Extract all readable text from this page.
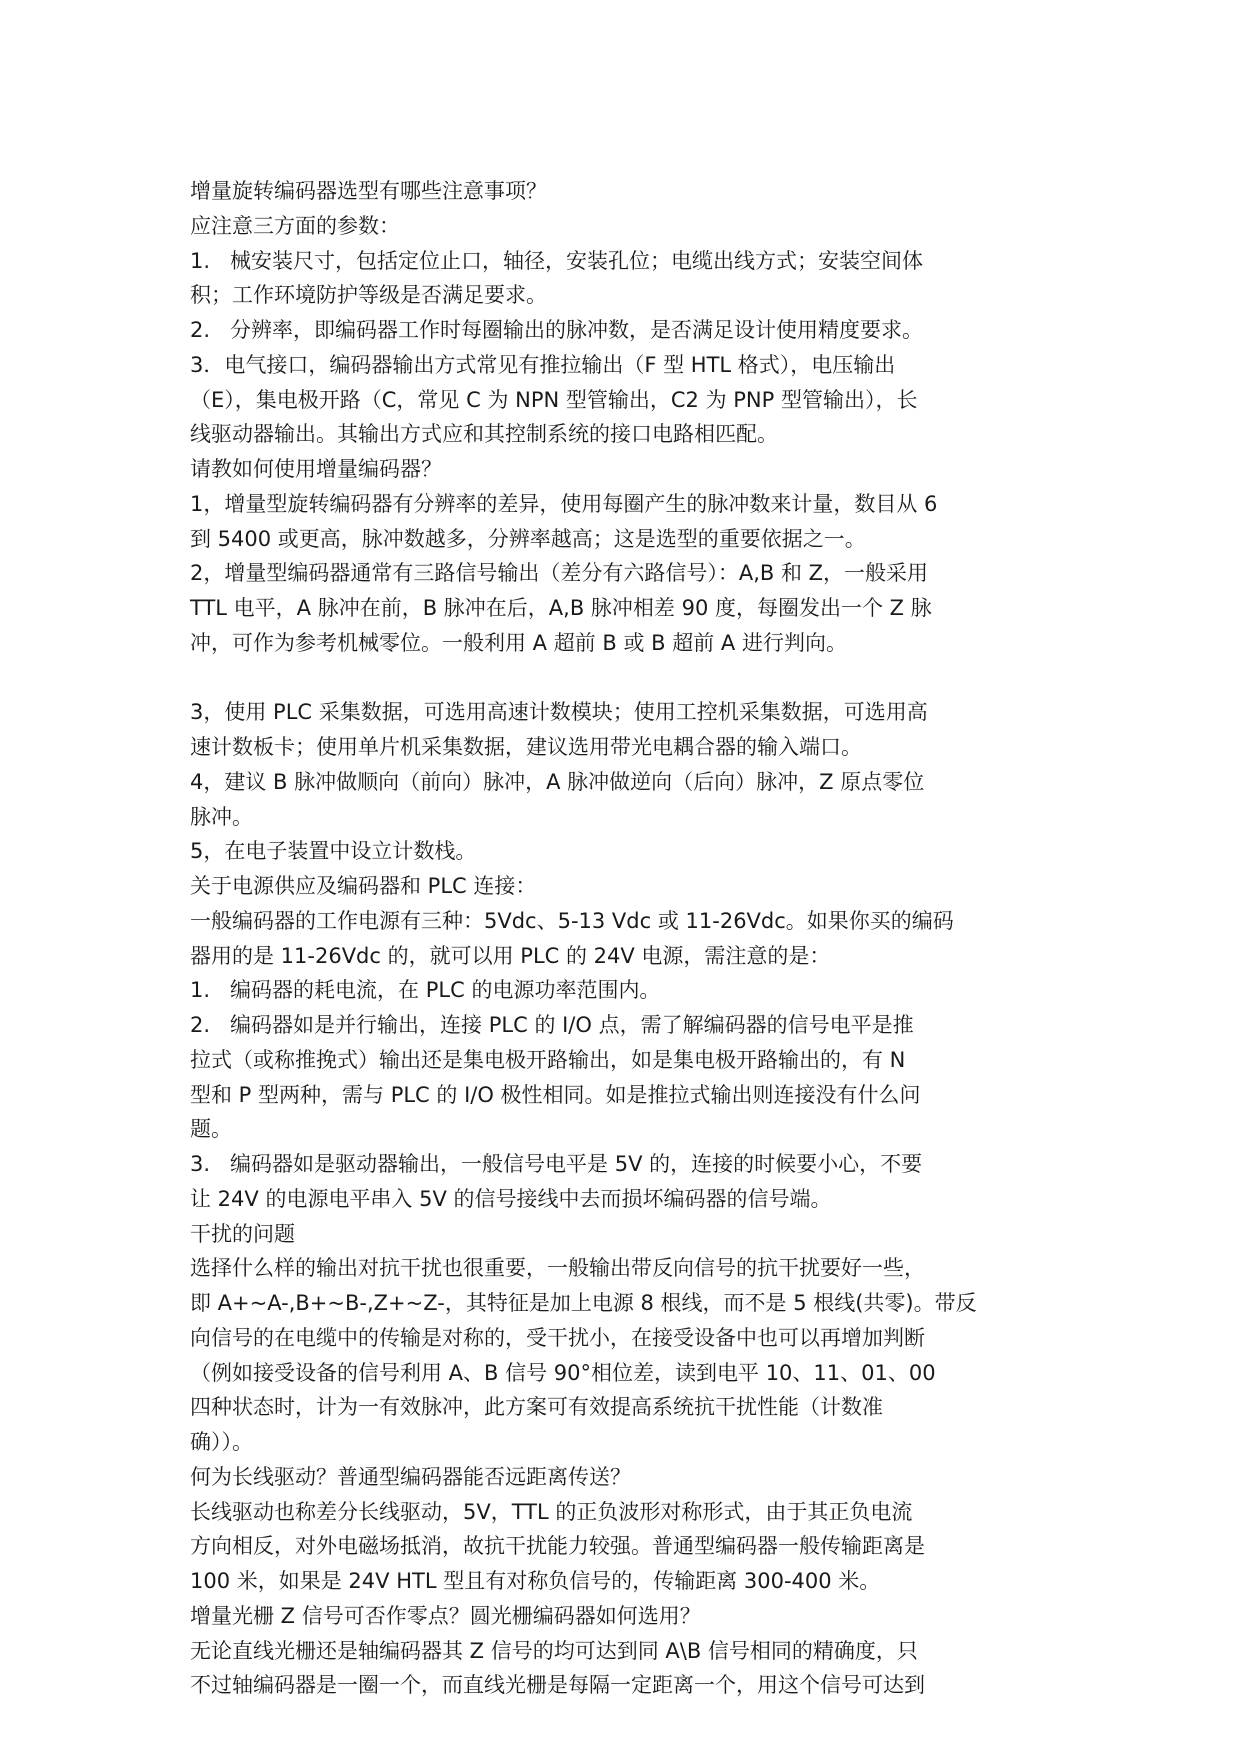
增量旋转编码器选型有哪些注意事项？
应注意三方面的参数：
1.   械安装尺寸，包括定位止口，轴径，安装孔位；电缆出线方式；安装空间体
积；工作环境防护等级是否满足要求。
2.   分辨率，即编码器工作时每圈输出的脉冲数，是否满足设计使用精度要求。
3．电气接口，编码器输出方式常见有推拉输出（F 型 HTL 格式），电压输出
（E），集电极开路（C，常见 C 为 NPN 型管输出，C2 为 PNP 型管输出），长
线驱动器输出。其输出方式应和其控制系统的接口电路相匹配。
请教如何使用增量编码器？
1，增量型旋转编码器有分辨率的差异，使用每圈产生的脉冲数来计量，数目从 6
到 5400 或更高，脉冲数越多，分辨率越高；这是选型的重要依据之一。
2，增量型编码器通常有三路信号输出（差分有六路信号）：A,B 和 Z，一般采用
TTL 电平，A 脉冲在前，B 脉冲在后，A,B 脉冲相差 90 度，每圈发出一个 Z 脉
冲，可作为参考机械零位。一般利用 A 超前 B 或 B 超前 A 进行判向。
3，使用 PLC 采集数据，可选用高速计数模块；使用工控机采集数据，可选用高
速计数板卡；使用单片机采集数据，建议选用带光电耦合器的输入端口。
4，建议 B 脉冲做顺向（前向）脉冲，A 脉冲做逆向（后向）脉冲，Z 原点零位
脉冲。
5，在电子装置中设立计数栈。
关于电源供应及编码器和 PLC 连接：
一般编码器的工作电源有三种：5Vdc、5-13 Vdc 或 11-26Vdc。如果你买的编码
器用的是 11-26Vdc 的，就可以用 PLC 的 24V 电源，需注意的是：
1.   编码器的耗电流，在 PLC 的电源功率范围内。
2.   编码器如是并行输出，连接 PLC 的 I/O 点，需了解编码器的信号电平是推
拉式（或称推挽式）输出还是集电极开路输出，如是集电极开路输出的，有 N
型和 P 型两种，需与 PLC 的 I/O 极性相同。如是推拉式输出则连接没有什么问
题。
3.   编码器如是驱动器输出，一般信号电平是 5V 的，连接的时候要小心，不要
让 24V 的电源电平串入 5V 的信号接线中去而损坏编码器的信号端。
干扰的问题
选择什么样的输出对抗干扰也很重要，一般输出带反向信号的抗干扰要好一些，
即 A+~A-,B+~B-,Z+~Z-，其特征是加上电源 8 根线，而不是 5 根线(共零)。带反
向信号的在电缆中的传输是对称的，受干扰小，在接受设备中也可以再增加判断
（例如接受设备的信号利用 A、B 信号 90°相位差，读到电平 10、11、01、00
四种状态时，计为一有效脉冲，此方案可有效提高系统抗干扰性能（计数准
确））。
何为长线驱动？普通型编码器能否远距离传送？
长线驱动也称差分长线驱动，5V，TTL 的正负波形对称形式，由于其正负电流
方向相反，对外电磁场抵消，故抗干扰能力较强。普通型编码器一般传输距离是
100 米，如果是 24V HTL 型且有对称负信号的，传输距离 300-400 米。
增量光栅 Z 信号可否作零点？圆光栅编码器如何选用？
无论直线光栅还是轴编码器其 Z 信号的均可达到同 A\B 信号相同的精确度，只
不过轴编码器是一圈一个，而直线光栅是每隔一定距离一个，用这个信号可达到
